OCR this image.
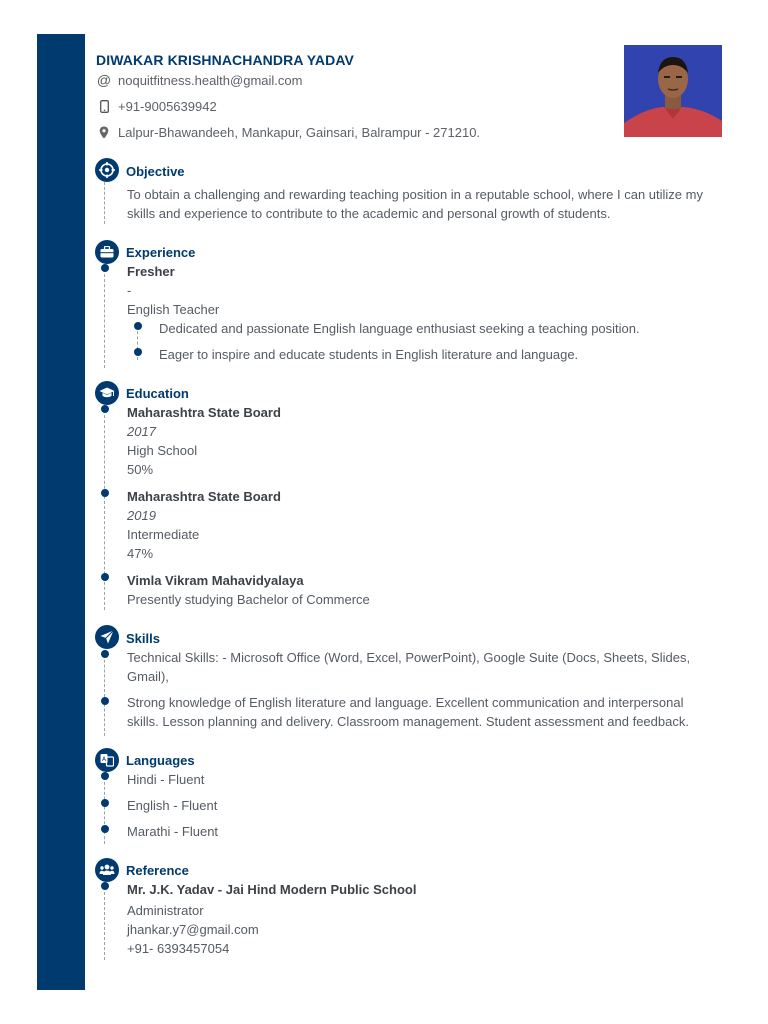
DIWAKAR KRISHNACHANDRA YADAV
@ noquitfitness.health@gmail.com
+91-9005639942
Lalpur-Bhawandeeh, Mankapur, Gainsari, Balrampur - 271210.
Objective
To obtain a challenging and rewarding teaching position in a reputable school, where I can utilize my skills and experience to contribute to the academic and personal growth of students.
Experience
Fresher
-
English Teacher
Dedicated and passionate English language enthusiast seeking a teaching position.
Eager to inspire and educate students in English literature and language.
Education
Maharashtra State Board
2017
High School
50%
Maharashtra State Board
2019
Intermediate
47%
Vimla Vikram Mahavidyalaya
Presently studying Bachelor of Commerce
Skills
Technical Skills: - Microsoft Office (Word, Excel, PowerPoint), Google Suite (Docs, Sheets, Slides, Gmail),
Strong knowledge of English literature and language. Excellent communication and interpersonal skills. Lesson planning and delivery. Classroom management. Student assessment and feedback.
A Languages
Hindi - Fluent
English - Fluent
Marathi - Fluent
Reference
Mr. J.K. Yadav - Jai Hind Modern Public School
Administrator
jhankar.y7@gmail.com
+91- 6393457054
